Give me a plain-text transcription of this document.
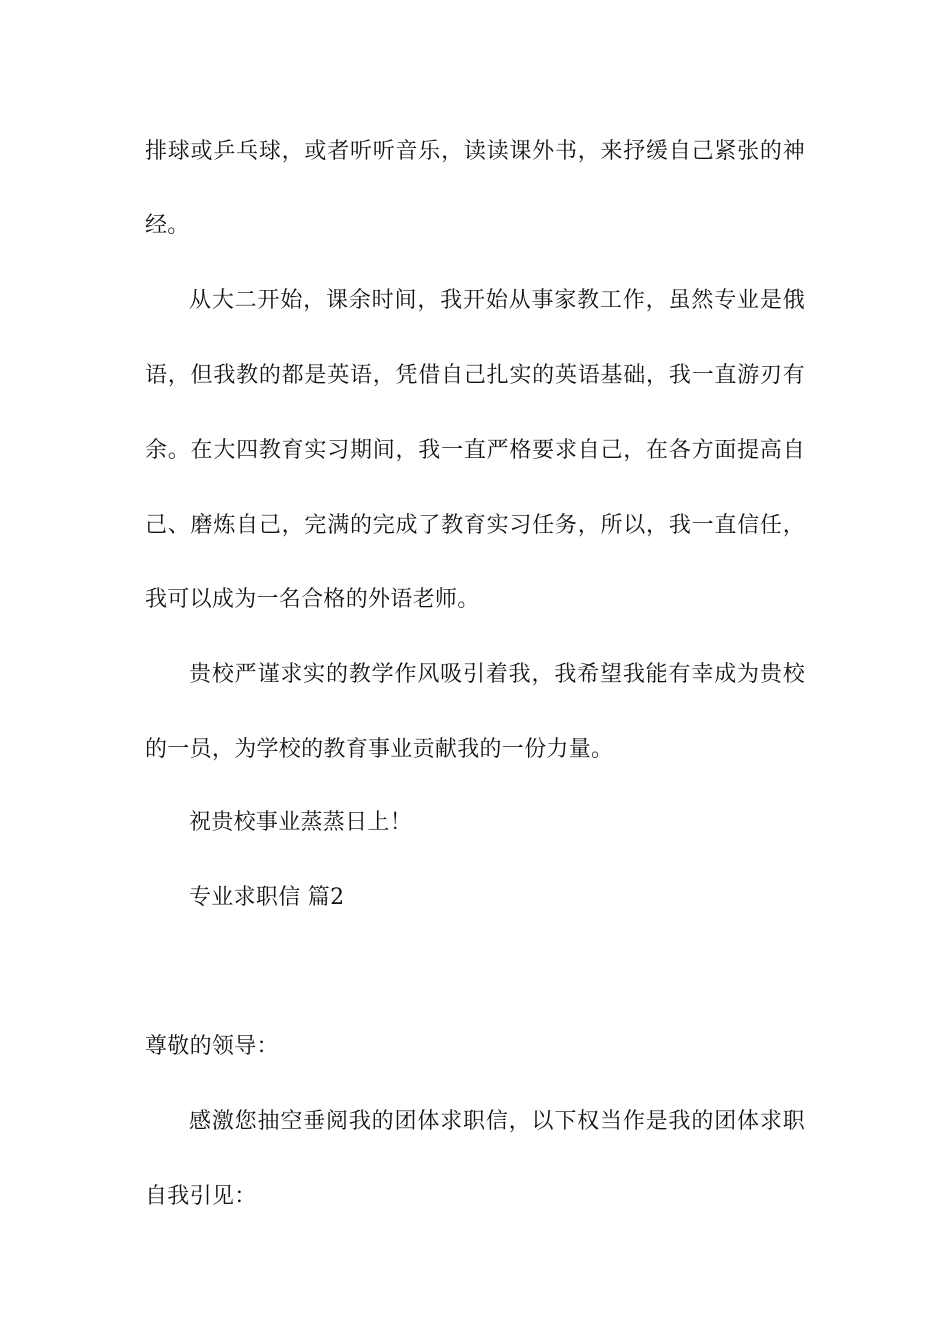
排球或乒乓球，或者听听音乐，读读课外书，来抒缓自己紧张的神
经。
从大二开始，课余时间，我开始从事家教工作，虽然专业是俄
语，但我教的都是英语，凭借自己扎实的英语基础，我一直游刃有
余。在大四教育实习期间，我一直严格要求自己，在各方面提高自
己、磨炼自己，完满的完成了教育实习任务，所以，我一直信任，
我可以成为一名合格的外语老师。
贵校严谨求实的教学作风吸引着我，我希望我能有幸成为贵校
的一员，为学校的教育事业贡献我的一份力量。
祝贵校事业蒸蒸日上！
专业求职信 篇2
尊敬的领导：
感激您抽空垂阅我的团体求职信，以下权当作是我的团体求职
自我引见：
